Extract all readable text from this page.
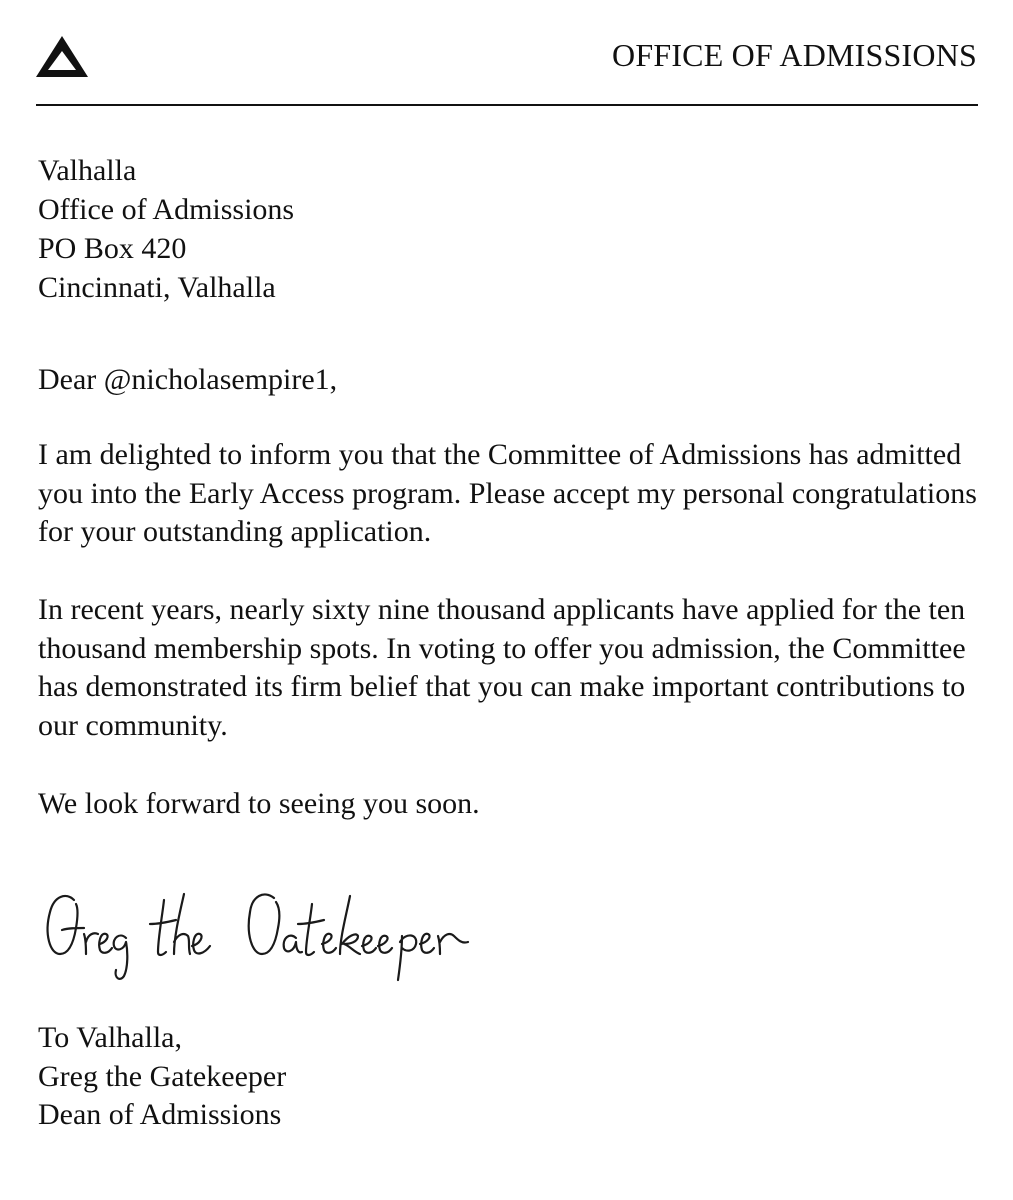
OFFICE OF ADMISSIONS
Valhalla
Office of Admissions
PO Box 420
Cincinnati, Valhalla
Dear @nicholasempire1,
I am delighted to inform you that the Committee of Admissions has admitted you into the Early Access program. Please accept my personal congratulations for your outstanding application.
In recent years, nearly sixty nine thousand applicants have applied for the ten thousand membership spots. In voting to offer you admission, the Committee has demonstrated its firm belief that you can make important contributions to our community.
We look forward to seeing you soon.
To Valhalla,
Greg the Gatekeeper
Dean of Admissions
